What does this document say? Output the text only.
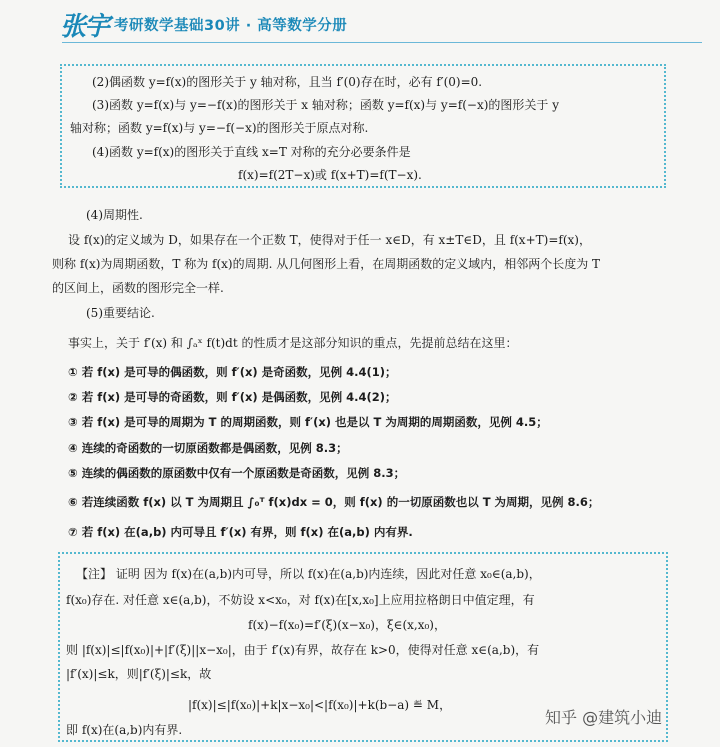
张宇 考研数学基础30讲 · 高等数学分册
(2)偶函数 y=f(x)的图形关于 y 轴对称，且当 f′(0)存在时，必有 f′(0)=0.
(3)函数 y=f(x)与 y=−f(x)的图形关于 x 轴对称；函数 y=f(x)与 y=f(−x)的图形关于 y
轴对称；函数 y=f(x)与 y=−f(−x)的图形关于原点对称.
(4)函数 y=f(x)的图形关于直线 x=T 对称的充分必要条件是
f(x)=f(2T−x)或 f(x+T)=f(T−x).
(4)周期性.
设 f(x)的定义域为 D，如果存在一个正数 T，使得对于任一 x∈D，有 x±T∈D，且 f(x+T)=f(x)，
则称 f(x)为周期函数，T 称为 f(x)的周期. 从几何图形上看，在周期函数的定义域内，相邻两个长度为 T
的区间上，函数的图形完全一样.
(5)重要结论.
事实上，关于 f′(x) 和 ∫ₐˣ f(t)dt 的性质才是这部分知识的重点，先提前总结在这里：
① 若 f(x) 是可导的偶函数，则 f′(x) 是奇函数，见例 4.4(1)；
② 若 f(x) 是可导的奇函数，则 f′(x) 是偶函数，见例 4.4(2)；
③ 若 f(x) 是可导的周期为 T 的周期函数，则 f′(x) 也是以 T 为周期的周期函数，见例 4.5；
④ 连续的奇函数的一切原函数都是偶函数，见例 8.3；
⑤ 连续的偶函数的原函数中仅有一个原函数是奇函数，见例 8.3；
⑥ 若连续函数 f(x) 以 T 为周期且 ∫₀ᵀ f(x)dx = 0，则 f(x) 的一切原函数也以 T 为周期，见例 8.6；
⑦ 若 f(x) 在(a,b) 内可导且 f′(x) 有界，则 f(x) 在(a,b) 内有界.
【注】 证明 因为 f(x)在(a,b)内可导，所以 f(x)在(a,b)内连续，因此对任意 x₀∈(a,b)，
f(x₀)存在. 对任意 x∈(a,b)，不妨设 x<x₀，对 f(x)在[x,x₀]上应用拉格朗日中值定理，有
f(x)−f(x₀)=f′(ξ)(x−x₀)，ξ∈(x,x₀)，
则 |f(x)|≤|f(x₀)|+|f′(ξ)||x−x₀|，由于 f′(x)有界，故存在 k>0，使得对任意 x∈(a,b)，有
|f′(x)|≤k，则|f′(ξ)|≤k，故
|f(x)|≤|f(x₀)|+k|x−x₀|<|f(x₀)|+k(b−a) ≝ M，
即 f(x)在(a,b)内有界.
知乎 @建筑小迪
